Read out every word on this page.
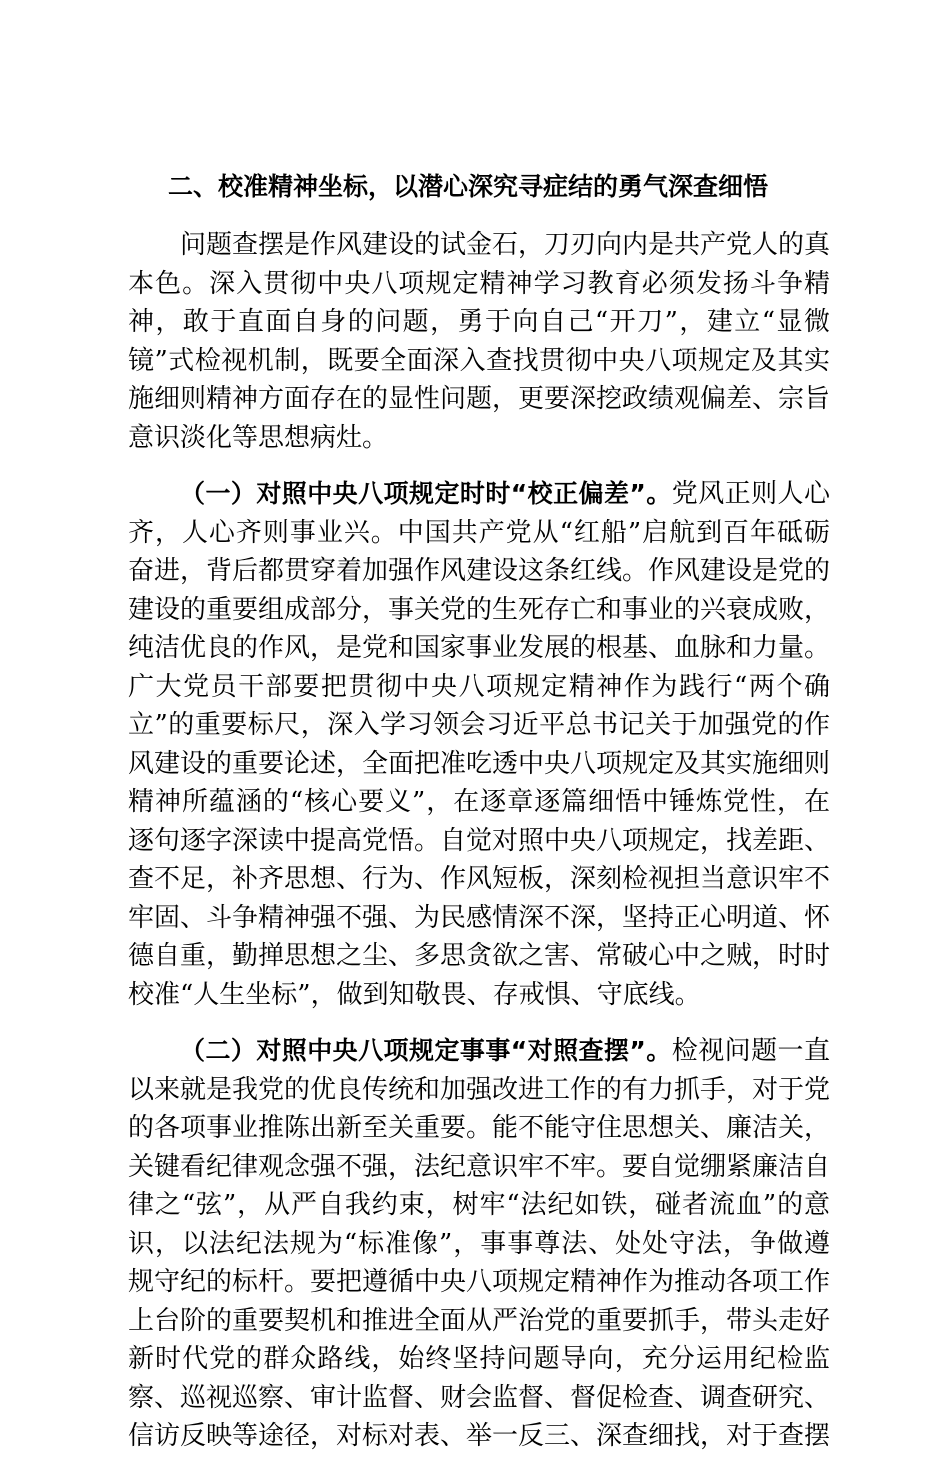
二、校准精神坐标，以潜心深究寻症结的勇气深查细悟

问题查摆是作风建设的试金石，刀刃向内是共产党人的真本色。深入贯彻中央八项规定精神学习教育必须发扬斗争精神，敢于直面自身的问题，勇于向自己“开刀”，建立“显微镜”式检视机制，既要全面深入查找贯彻中央八项规定及其实施细则精神方面存在的显性问题，更要深挖政绩观偏差、宗旨意识淡化等思想病灶。

（一）对照中央八项规定时时“校正偏差”。党风正则人心齐，人心齐则事业兴。中国共产党从“红船”启航到百年砥砺奋进，背后都贯穿着加强作风建设这条红线。作风建设是党的建设的重要组成部分，事关党的生死存亡和事业的兴衰成败，纯洁优良的作风，是党和国家事业发展的根基、血脉和力量。广大党员干部要把贯彻中央八项规定精神作为践行“两个确立”的重要标尺，深入学习领会习近平总书记关于加强党的作风建设的重要论述，全面把准吃透中央八项规定及其实施细则精神所蕴涵的“核心要义”，在逐章逐篇细悟中锤炼党性，在逐句逐字深读中提高党悟。自觉对照中央八项规定，找差距、查不足，补齐思想、行为、作风短板，深刻检视担当意识牢不牢固、斗争精神强不强、为民感情深不深，坚持正心明道、怀德自重，勤掸思想之尘、多思贪欲之害、常破心中之贼，时时校准“人生坐标”，做到知敬畏、存戒惧、守底线。

（二）对照中央八项规定事事“对照查摆”。检视问题一直以来就是我党的优良传统和加强改进工作的有力抓手，对于党的各项事业推陈出新至关重要。能不能守住思想关、廉洁关，关键看纪律观念强不强，法纪意识牢不牢。要自觉绷紧廉洁自律之“弦”，从严自我约束，树牢“法纪如铁，碰者流血”的意识，以法纪法规为“标准像”，事事尊法、处处守法，争做遵规守纪的标杆。要把遵循中央八项规定精神作为推动各项工作上台阶的重要契机和推进全面从严治党的重要抓手，带头走好新时代党的群众路线，始终坚持问题导向，充分运用纪检监察、巡视巡察、审计监督、财会监督、督促检查、调查研究、信访反映等途径，对标对表、举一反三、深查细找，对于查摆
